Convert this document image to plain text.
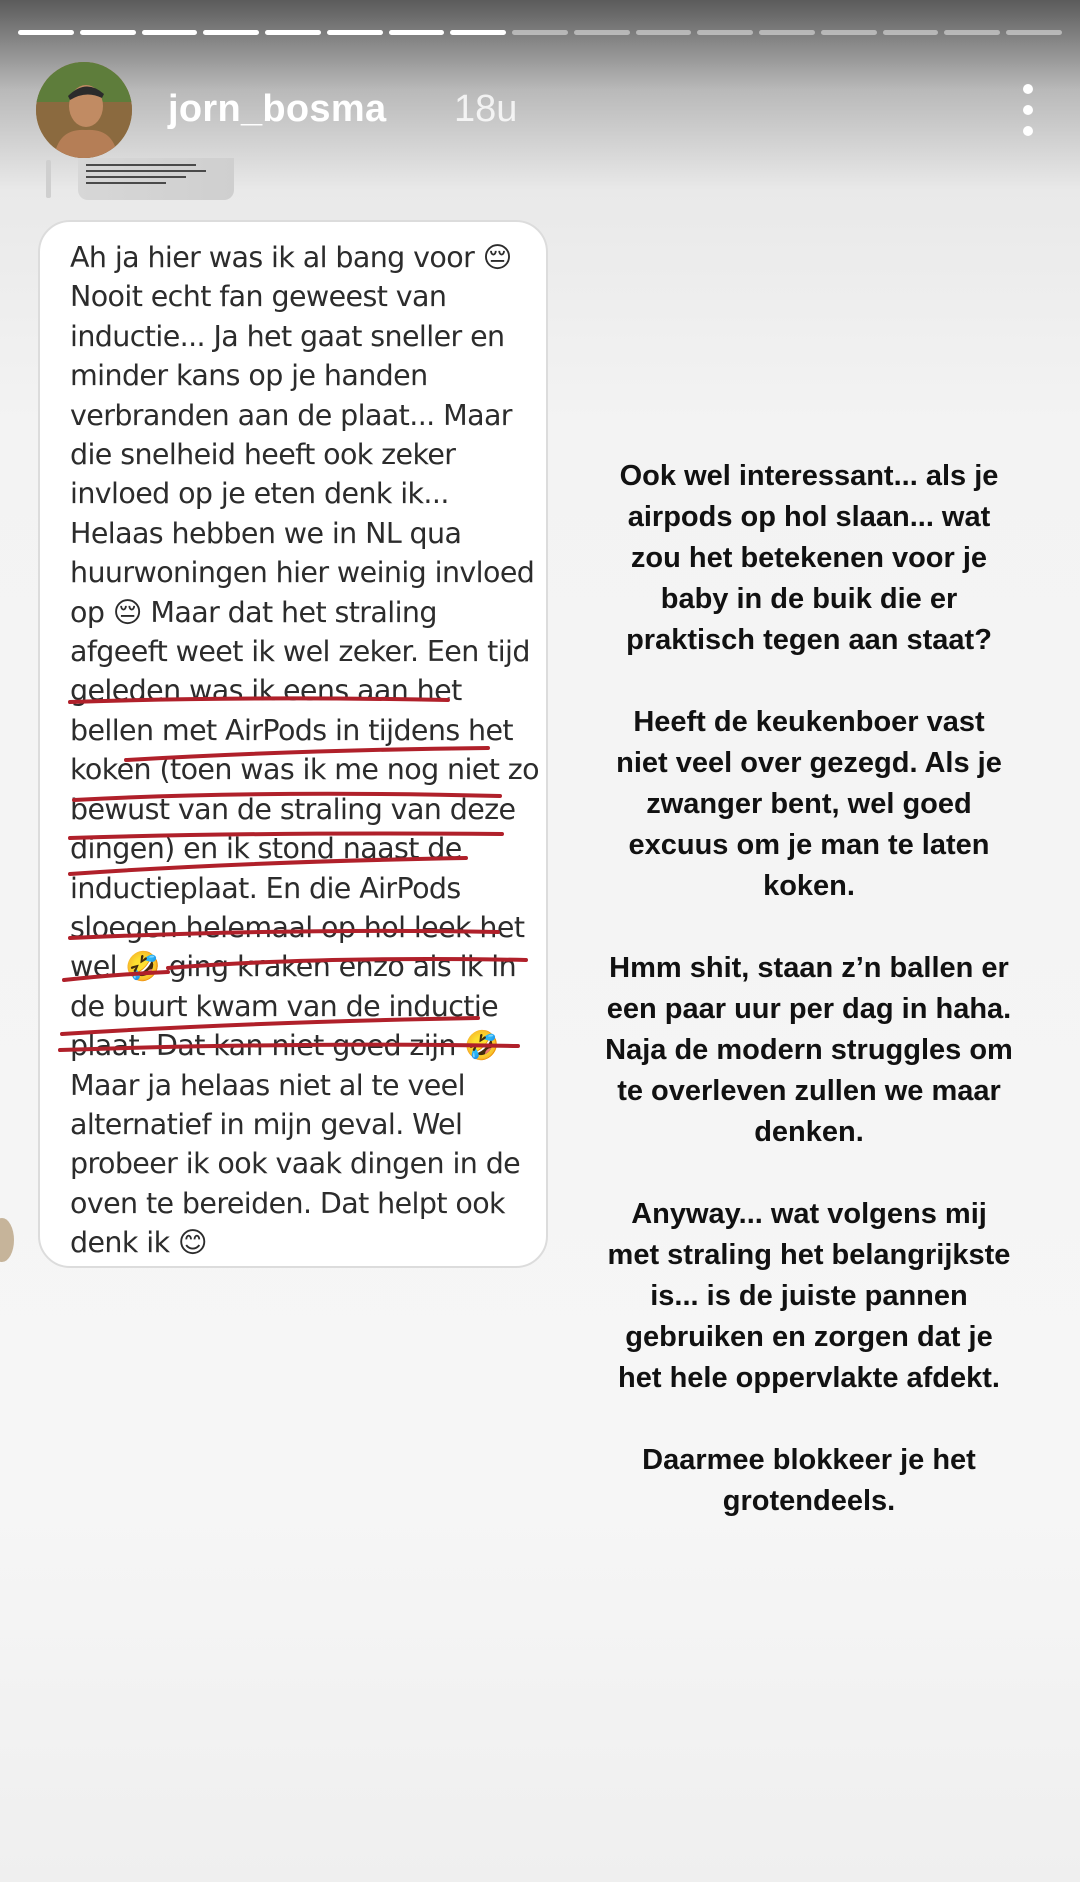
jorn_bosma 18u
Ah ja hier was ik al bang voor 😔
Nooit echt fan geweest van
inductie... Ja het gaat sneller en
minder kans op je handen
verbranden aan de plaat... Maar
die snelheid heeft ook zeker
invloed op je eten denk ik...
Helaas hebben we in NL qua
huurwoningen hier weinig invloed
op 😔 Maar dat het straling
afgeeft weet ik wel zeker. Een tijd
geleden was ik eens aan het
bellen met AirPods in tijdens het
koken (toen was ik me nog niet zo
bewust van de straling van deze
dingen) en ik stond naast de
inductieplaat. En die AirPods
sloegen helemaal op hol leek het
wel 🤣 ging kraken enzo als ik in
de buurt kwam van de inductie
plaat. Dat kan niet goed zijn 🤣
Maar ja helaas niet al te veel
alternatief in mijn geval. Wel
probeer ik ook vaak dingen in de
oven te bereiden. Dat helpt ook
denk ik 😊

Ook wel interessant... als je airpods op hol slaan... wat zou het betekenen voor je baby in de buik die er praktisch tegen aan staat?

Heeft de keukenboer vast niet veel over gezegd. Als je zwanger bent, wel goed excuus om je man te laten koken.

Hmm shit, staan z’n ballen er een paar uur per dag in haha. Naja de modern struggles om te overleven zullen we maar denken.

Anyway... wat volgens mij met straling het belangrijkste is... is de juiste pannen gebruiken en zorgen dat je het hele oppervlakte afdekt.

Daarmee blokkeer je het grotendeels.
